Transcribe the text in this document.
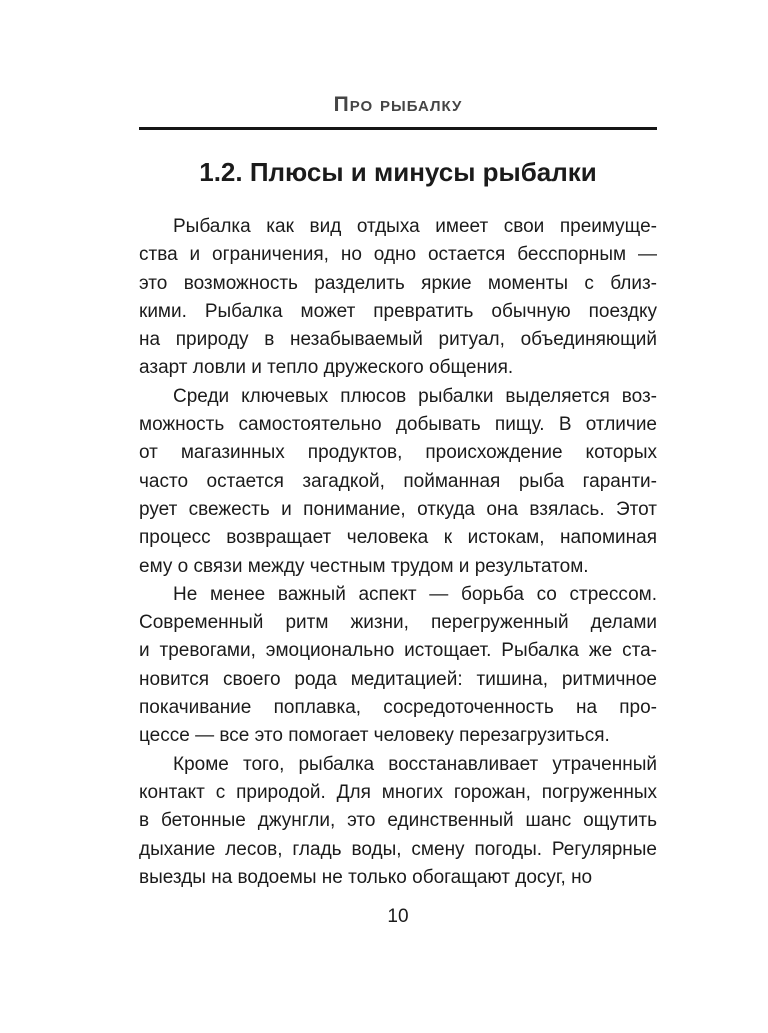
Про рыбалку
1.2. Плюсы и минусы рыбалки
Рыбалка как вид отдыха имеет свои преимуще-
ства и ограничения, но одно остается бесспорным —
это возможность разделить яркие моменты с близ-
кими. Рыбалка может превратить обычную поездку
на природу в незабываемый ритуал, объединяющий
азарт ловли и тепло дружеского общения.
Среди ключевых плюсов рыбалки выделяется воз-
можность самостоятельно добывать пищу. В отличие
от магазинных продуктов, происхождение которых
часто остается загадкой, пойманная рыба гаранти-
рует свежесть и понимание, откуда она взялась. Этот
процесс возвращает человека к истокам, напоминая
ему о связи между честным трудом и результатом.
Не менее важный аспект — борьба со стрессом.
Современный ритм жизни, перегруженный делами
и тревогами, эмоционально истощает. Рыбалка же ста-
новится своего рода медитацией: тишина, ритмичное
покачивание поплавка, сосредоточенность на про-
цессе — все это помогает человеку перезагрузиться.
Кроме того, рыбалка восстанавливает утраченный
контакт с природой. Для многих горожан, погруженных
в бетонные джунгли, это единственный шанс ощутить
дыхание лесов, гладь воды, смену погоды. Регулярные
выезды на водоемы не только обогащают досуг, но
10
